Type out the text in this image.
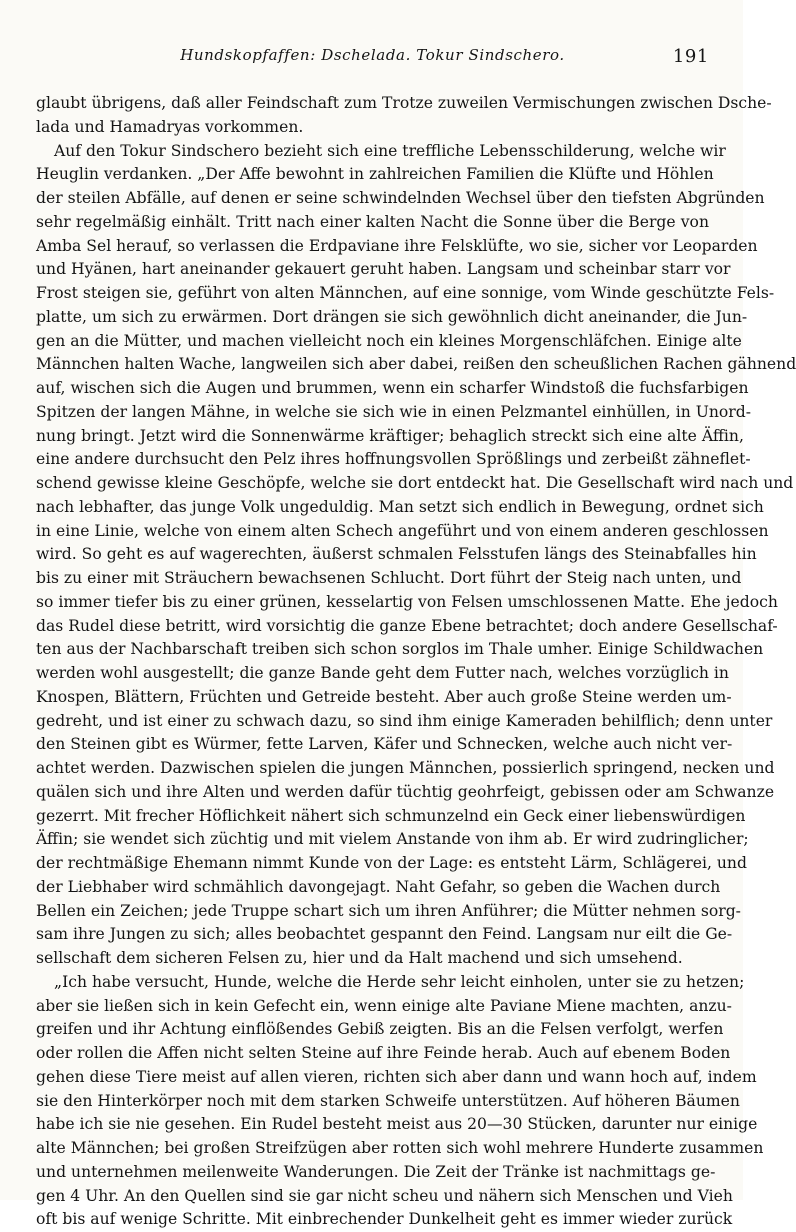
Hundskopfaffen: Dschelada. Tokur Sindschero.	191
glaubt übrigens, daß aller Feindschaft zum Trotze zuweilen Vermischungen zwischen Dsche-
lada und Hamadryas vorkommen.
Auf den Tokur Sindschero bezieht sich eine treffliche Lebensschilderung, welche wir
Heuglin verdanken. „Der Affe bewohnt in zahlreichen Familien die Klüfte und Höhlen
der steilen Abfälle, auf denen er seine schwindelnden Wechsel über den tiefsten Abgründen
sehr regelmäßig einhält. Tritt nach einer kalten Nacht die Sonne über die Berge von
Amba Sel herauf, so verlassen die Erdpaviane ihre Felsklüfte, wo sie, sicher vor Leoparden
und Hyänen, hart aneinander gekauert geruht haben. Langsam und scheinbar starr vor
Frost steigen sie, geführt von alten Männchen, auf eine sonnige, vom Winde geschützte Fels-
platte, um sich zu erwärmen. Dort drängen sie sich gewöhnlich dicht aneinander, die Jun-
gen an die Mütter, und machen vielleicht noch ein kleines Morgenschläfchen. Einige alte
Männchen halten Wache, langweilen sich aber dabei, reißen den scheußlichen Rachen gähnend
auf, wischen sich die Augen und brummen, wenn ein scharfer Windstoß die fuchsfarbigen
Spitzen der langen Mähne, in welche sie sich wie in einen Pelzmantel einhüllen, in Unord-
nung bringt. Jetzt wird die Sonnenwärme kräftiger; behaglich streckt sich eine alte Äffin,
eine andere durchsucht den Pelz ihres hoffnungsvollen Sprößlings und zerbeißt zähneflet-
schend gewisse kleine Geschöpfe, welche sie dort entdeckt hat. Die Gesellschaft wird nach und
nach lebhafter, das junge Volk ungeduldig. Man setzt sich endlich in Bewegung, ordnet sich
in eine Linie, welche von einem alten Schech angeführt und von einem anderen geschlossen
wird. So geht es auf wagerechten, äußerst schmalen Felsstufen längs des Steinabfalles hin
bis zu einer mit Sträuchern bewachsenen Schlucht. Dort führt der Steig nach unten, und
so immer tiefer bis zu einer grünen, kesselartig von Felsen umschlossenen Matte. Ehe jedoch
das Rudel diese betritt, wird vorsichtig die ganze Ebene betrachtet; doch andere Gesellschaf-
ten aus der Nachbarschaft treiben sich schon sorglos im Thale umher. Einige Schildwachen
werden wohl ausgestellt; die ganze Bande geht dem Futter nach, welches vorzüglich in
Knospen, Blättern, Früchten und Getreide besteht. Aber auch große Steine werden um-
gedreht, und ist einer zu schwach dazu, so sind ihm einige Kameraden behilflich; denn unter
den Steinen gibt es Würmer, fette Larven, Käfer und Schnecken, welche auch nicht ver-
achtet werden. Dazwischen spielen die jungen Männchen, possierlich springend, necken und
quälen sich und ihre Alten und werden dafür tüchtig geohrfeigt, gebissen oder am Schwanze
gezerrt. Mit frecher Höflichkeit nähert sich schmunzelnd ein Geck einer liebenswürdigen
Äffin; sie wendet sich züchtig und mit vielem Anstande von ihm ab. Er wird zudringlicher;
der rechtmäßige Ehemann nimmt Kunde von der Lage: es entsteht Lärm, Schlägerei, und
der Liebhaber wird schmählich davongejagt. Naht Gefahr, so geben die Wachen durch
Bellen ein Zeichen; jede Truppe schart sich um ihren Anführer; die Mütter nehmen sorg-
sam ihre Jungen zu sich; alles beobachtet gespannt den Feind. Langsam nur eilt die Ge-
sellschaft dem sicheren Felsen zu, hier und da Halt machend und sich umsehend.
„Ich habe versucht, Hunde, welche die Herde sehr leicht einholen, unter sie zu hetzen;
aber sie ließen sich in kein Gefecht ein, wenn einige alte Paviane Miene machten, anzu-
greifen und ihr Achtung einflößendes Gebiß zeigten. Bis an die Felsen verfolgt, werfen
oder rollen die Affen nicht selten Steine auf ihre Feinde herab. Auch auf ebenem Boden
gehen diese Tiere meist auf allen vieren, richten sich aber dann und wann hoch auf, indem
sie den Hinterkörper noch mit dem starken Schweife unterstützen. Auf höheren Bäumen
habe ich sie nie gesehen. Ein Rudel besteht meist aus 20—30 Stücken, darunter nur einige
alte Männchen; bei großen Streifzügen aber rotten sich wohl mehrere Hunderte zusammen
und unternehmen meilenweite Wanderungen. Die Zeit der Tränke ist nachmittags ge-
gen 4 Uhr. An den Quellen sind sie gar nicht scheu und nähern sich Menschen und Vieh
oft bis auf wenige Schritte. Mit einbrechender Dunkelheit geht es immer wieder zurück
